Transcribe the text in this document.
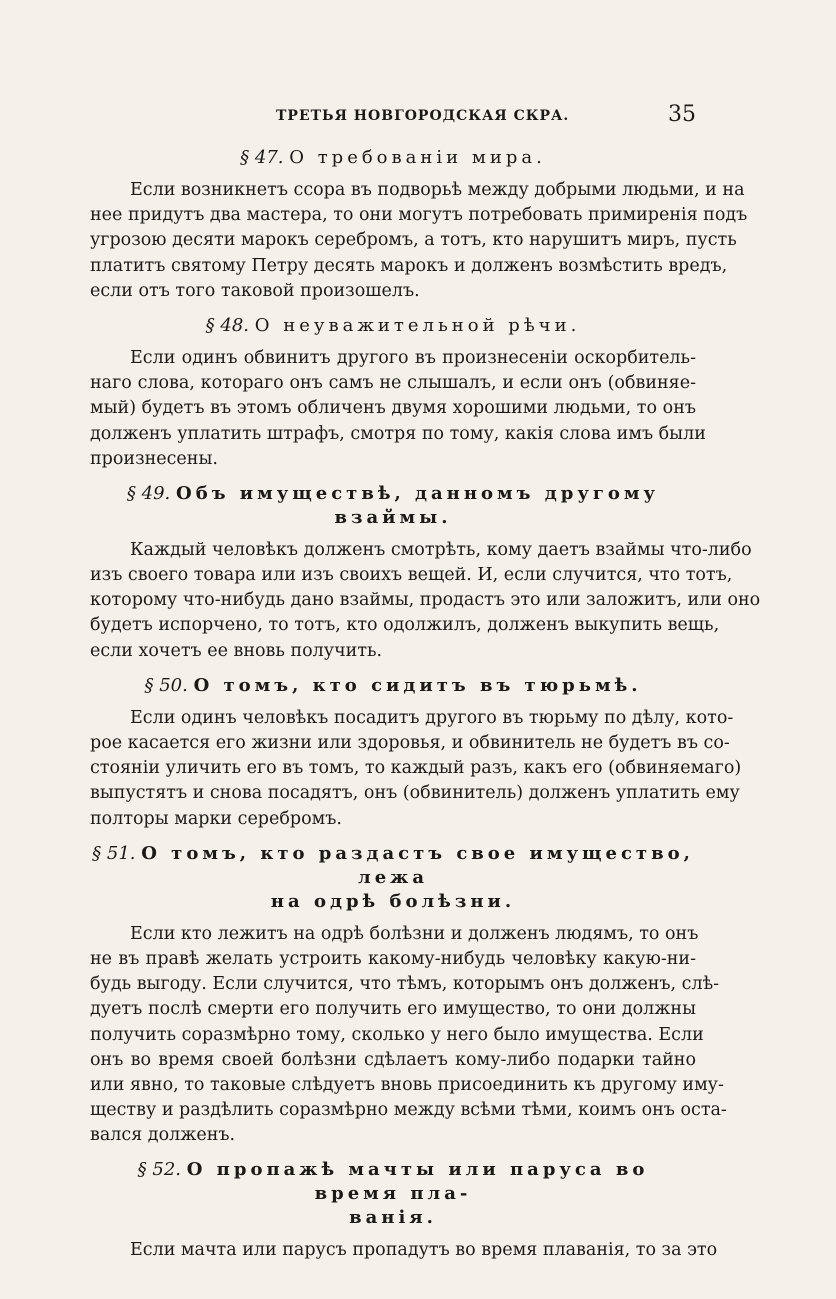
ТРЕТЬЯ НОВГОРОДСКАЯ СКРА.	35
§ 47. О требованіи мира.
Если возникнетъ ссора въ подворьѣ между добрыми людьми, и на
нее придутъ два мастера, то они могутъ потребовать примиренія подъ
угрозою десяти марокъ серебромъ, а тотъ, кто нарушитъ миръ, пусть
платитъ святому Петру десять марокъ и долженъ возмѣстить вредъ,
если отъ того таковой произошелъ.
§ 48. О неуважительной рѣчи.
Если одинъ обвинитъ другого въ произнесеніи оскорбитель-
наго слова, котораго онъ самъ не слышалъ, и если онъ (обвиняе-
мый) будетъ въ этомъ обличенъ двумя хорошими людьми, то онъ
долженъ уплатить штрафъ, смотря по тому, какія слова имъ были
произнесены.
§ 49. Объ имуществѣ, данномъ другому взаймы.
Каждый человѣкъ долженъ смотрѣть, кому даетъ взаймы что-либо
изъ своего товара или изъ своихъ вещей. И, если случится, что тотъ,
которому что-нибудь дано взаймы, продастъ это или заложитъ, или оно
будетъ испорчено, то тотъ, кто одолжилъ, долженъ выкупить вещь,
если хочетъ ее вновь получить.
§ 50. О томъ, кто сидитъ въ тюрьмѣ.
Если одинъ человѣкъ посадитъ другого въ тюрьму по дѣлу, кото-
рое касается его жизни или здоровья, и обвинитель не будетъ въ со-
стояніи уличить его въ томъ, то каждый разъ, какъ его (обвиняемаго)
выпустятъ и снова посадятъ, онъ (обвинитель) долженъ уплатить ему
полторы марки серебромъ.
§ 51. О томъ, кто раздастъ свое имущество, лежа
на одрѣ болѣзни.
Если кто лежитъ на одрѣ болѣзни и долженъ людямъ, то онъ
не въ правѣ желать устроить какому-нибудь человѣку какую-ни-
будь выгоду. Если случится, что тѣмъ, которымъ онъ долженъ, слѣ-
дуетъ послѣ смерти его получить его имущество, то они должны
получить соразмѣрно тому, сколько у него было имущества. Если
онъ во время своей болѣзни сдѣлаетъ кому-либо подарки тайно
или явно, то таковые слѣдуетъ вновь присоединить къ другому иму-
ществу и раздѣлить соразмѣрно между всѣми тѣми, коимъ онъ оста-
вался долженъ.
§ 52. О пропажѣ мачты или паруса во время пла-
ванія.
Если мачта или парусъ пропадутъ во время плаванія, то за это
